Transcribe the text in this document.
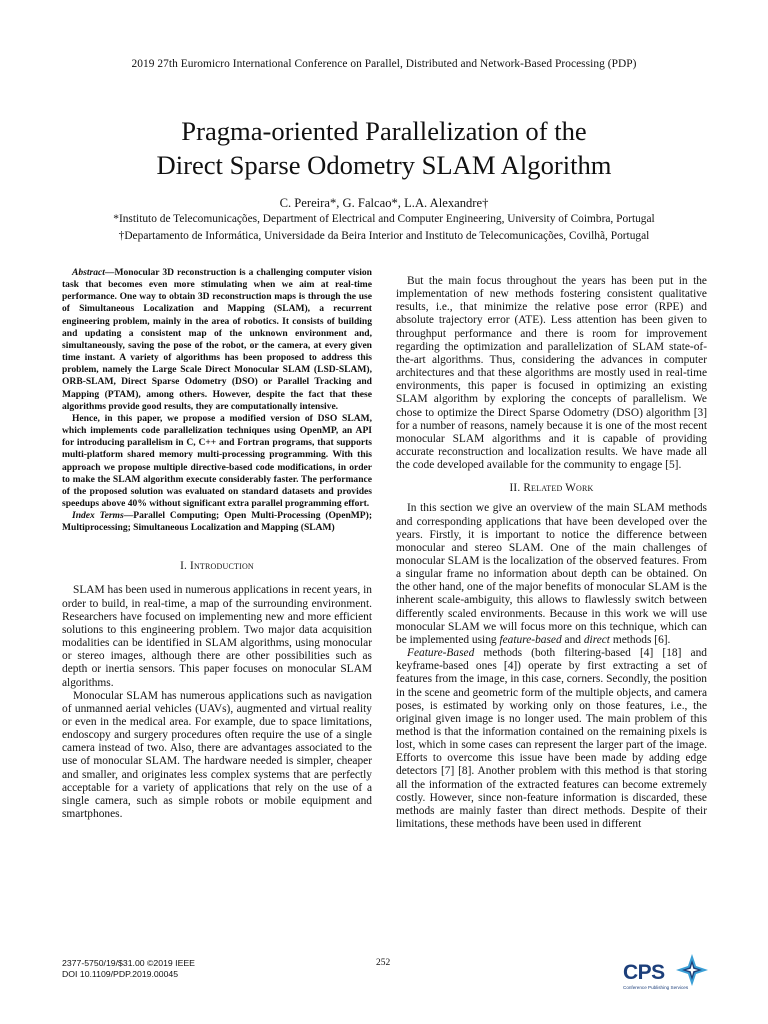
2019 27th Euromicro International Conference on Parallel, Distributed and Network-Based Processing (PDP)
Pragma-oriented Parallelization of the
Direct Sparse Odometry SLAM Algorithm
C. Pereira*, G. Falcao*, L.A. Alexandre†
*Instituto de Telecomunicações, Department of Electrical and Computer Engineering, University of Coimbra, Portugal
†Departamento de Informática, Universidade da Beira Interior and Instituto de Telecomunicações, Covilhã, Portugal

Abstract—Monocular 3D reconstruction is a challenging computer vision task that becomes even more stimulating when we aim at real-time performance. One way to obtain 3D reconstruction maps is through the use of Simultaneous Localization and Mapping (SLAM), a recurrent engineering problem, mainly in the area of robotics. It consists of building and updating a consistent map of the unknown environment and, simultaneously, saving the pose of the robot, or the camera, at every given time instant. A variety of algorithms has been proposed to address this problem, namely the Large Scale Direct Monocular SLAM (LSD-SLAM), ORB-SLAM, Direct Sparse Odometry (DSO) or Parallel Tracking and Mapping (PTAM), among others. However, despite the fact that these algorithms provide good results, they are computationally intensive.

Hence, in this paper, we propose a modified version of DSO SLAM, which implements code parallelization techniques using OpenMP, an API for introducing parallelism in C, C++ and Fortran programs, that supports multi-platform shared memory multi-processing programming. With this approach we propose multiple directive-based code modifications, in order to make the SLAM algorithm execute considerably faster. The performance of the proposed solution was evaluated on standard datasets and provides speedups above 40% without significant extra parallel programming effort.

Index Terms—Parallel Computing; Open Multi-Processing (OpenMP); Multiprocessing; Simultaneous Localization and Mapping (SLAM)

I. Introduction

SLAM has been used in numerous applications in recent years, in order to build, in real-time, a map of the surrounding environment. Researchers have focused on implementing new and more efficient solutions to this engineering problem. Two major data acquisition modalities can be identified in SLAM algorithms, using monocular or stereo images, although there are other possibilities such as depth or inertia sensors. This paper focuses on monocular SLAM algorithms.

Monocular SLAM has numerous applications such as navigation of unmanned aerial vehicles (UAVs), augmented and virtual reality or even in the medical area. For example, due to space limitations, endoscopy and surgery procedures often require the use of a single camera instead of two. Also, there are advantages associated to the use of monocular SLAM. The hardware needed is simpler, cheaper and smaller, and originates less complex systems that are perfectly acceptable for a variety of applications that rely on the use of a single camera, such as simple robots or mobile equipment and smartphones.

But the main focus throughout the years has been put in the implementation of new methods fostering consistent qualitative results, i.e., that minimize the relative pose error (RPE) and absolute trajectory error (ATE). Less attention has been given to throughput performance and there is room for improvement regarding the optimization and parallelization of SLAM state-of-the-art algorithms. Thus, considering the advances in computer architectures and that these algorithms are mostly used in real-time environments, this paper is focused in optimizing an existing SLAM algorithm by exploring the concepts of parallelism. We chose to optimize the Direct Sparse Odometry (DSO) algorithm [3] for a number of reasons, namely because it is one of the most recent monocular SLAM algorithms and it is capable of providing accurate reconstruction and localization results. We have made all the code developed available for the community to engage [5].

II. Related Work

In this section we give an overview of the main SLAM methods and corresponding applications that have been developed over the years. Firstly, it is important to notice the difference between monocular and stereo SLAM. One of the main challenges of monocular SLAM is the localization of the observed features. From a singular frame no information about depth can be obtained. On the other hand, one of the major benefits of monocular SLAM is the inherent scale-ambiguity, this allows to flawlessly switch between differently scaled environments. Because in this work we will use monocular SLAM we will focus more on this technique, which can be implemented using feature-based and direct methods [6].

Feature-Based methods (both filtering-based [4] [18] and keyframe-based ones [4]) operate by first extracting a set of features from the image, in this case, corners. Secondly, the position in the scene and geometric form of the multiple objects, and camera poses, is estimated by working only on those features, i.e., the original given image is no longer used. The main problem of this method is that the information contained on the remaining pixels is lost, which in some cases can represent the larger part of the image. Efforts to overcome this issue have been made by adding edge detectors [7] [8]. Another problem with this method is that storing all the information of the extracted features can become extremely costly. However, since non-feature information is discarded, these methods are mainly faster than direct methods. Despite of their limitations, these methods have been used in different

2377-5750/19/$31.00 ©2019 IEEE
DOI 10.1109/PDP.2019.00045
252	CPS
Conference Publishing Services
